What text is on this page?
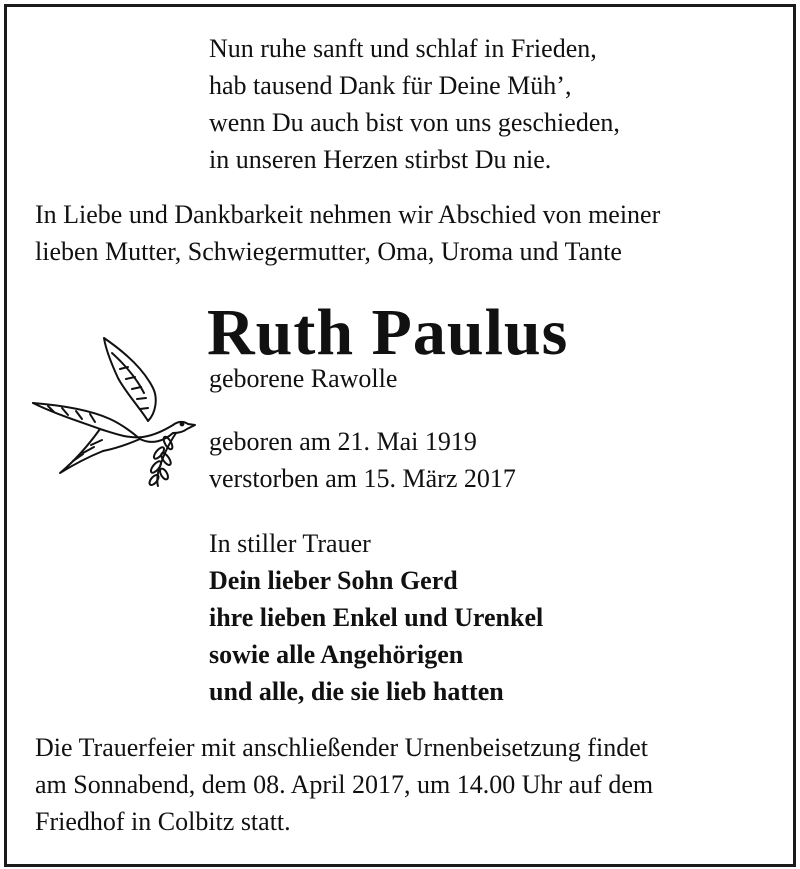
Nun ruhe sanft und schlaf in Frieden,
hab tausend Dank für Deine Müh’,
wenn Du auch bist von uns geschieden,
in unseren Herzen stirbst Du nie.
In Liebe und Dankbarkeit nehmen wir Abschied von meiner
lieben Mutter, Schwiegermutter, Oma, Uroma und Tante
Ruth Paulus
geborene Rawolle
geboren am 21. Mai 1919
verstorben am 15. März 2017
In stiller Trauer
Dein lieber Sohn Gerd
ihre lieben Enkel und Urenkel
sowie alle Angehörigen
und alle, die sie lieb hatten
Die Trauerfeier mit anschließender Urnenbeisetzung findet
am Sonnabend, dem 08. April 2017, um 14.00 Uhr auf dem
Friedhof in Colbitz statt.
